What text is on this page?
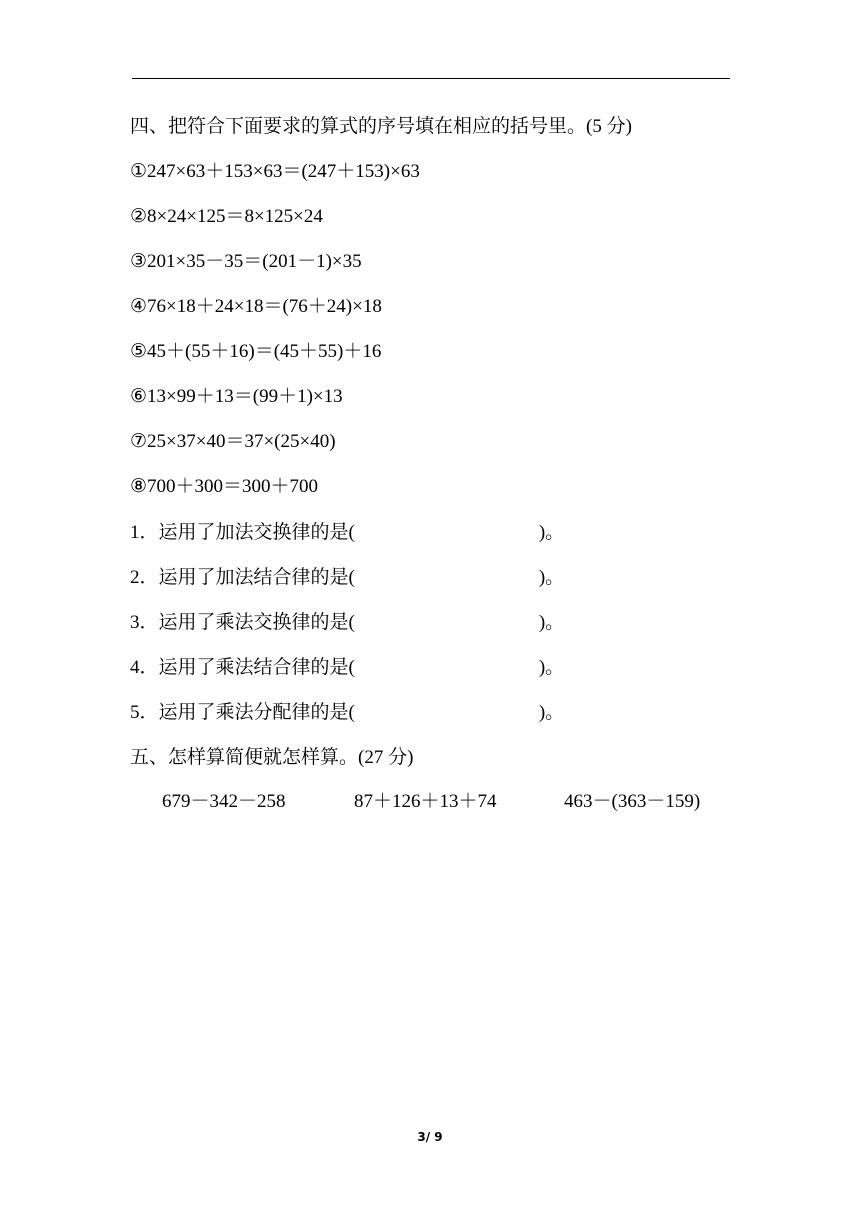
四、把符合下面要求的算式的序号填在相应的括号里。(5 分)
①247×63＋153×63＝(247＋153)×63
②8×24×125＝8×125×24
③201×35－35＝(201－1)×35
④76×18＋24×18＝(76＋24)×18
⑤45＋(55＋16)＝(45＋55)＋16
⑥13×99＋13＝(99＋1)×13
⑦25×37×40＝37×(25×40)
⑧700＋300＝300＋700
1．运用了加法交换律的是(	)。
2．运用了加法结合律的是(	)。
3．运用了乘法交换律的是(	)。
4．运用了乘法结合律的是(	)。
5．运用了乘法分配律的是(	)。
五、怎样算简便就怎样算。(27 分)
679－342－258	87＋126＋13＋74	463－(363－159)
3/ 9
